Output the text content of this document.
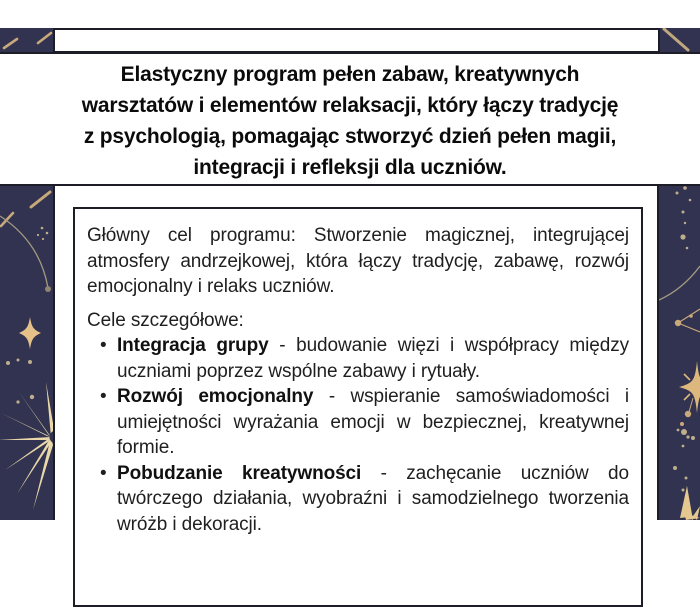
Elastyczny program pełen zabaw, kreatywnych
warsztatów i elementów relaksacji, który łączy tradycję
z psychologią, pomagając stworzyć dzień pełen magii,
integracji i refleksji dla uczniów.

Główny cel programu: Stworzenie magicznej, integrującej atmosfery andrzejkowej, która łączy tradycję, zabawę, rozwój emocjonalny i relaks uczniów.

Cele szczegółowe:

• Integracja grupy - budowanie więzi i współpracy między uczniami poprzez wspólne zabawy i rytuały.
• Rozwój emocjonalny - wspieranie samoświadomości i umiejętności wyrażania emocji w bezpiecznej, kreatywnej formie.
• Pobudzanie kreatywności - zachęcanie uczniów do twórczego działania, wyobraźni i samodzielnego tworzenia wróżb i dekoracji.
